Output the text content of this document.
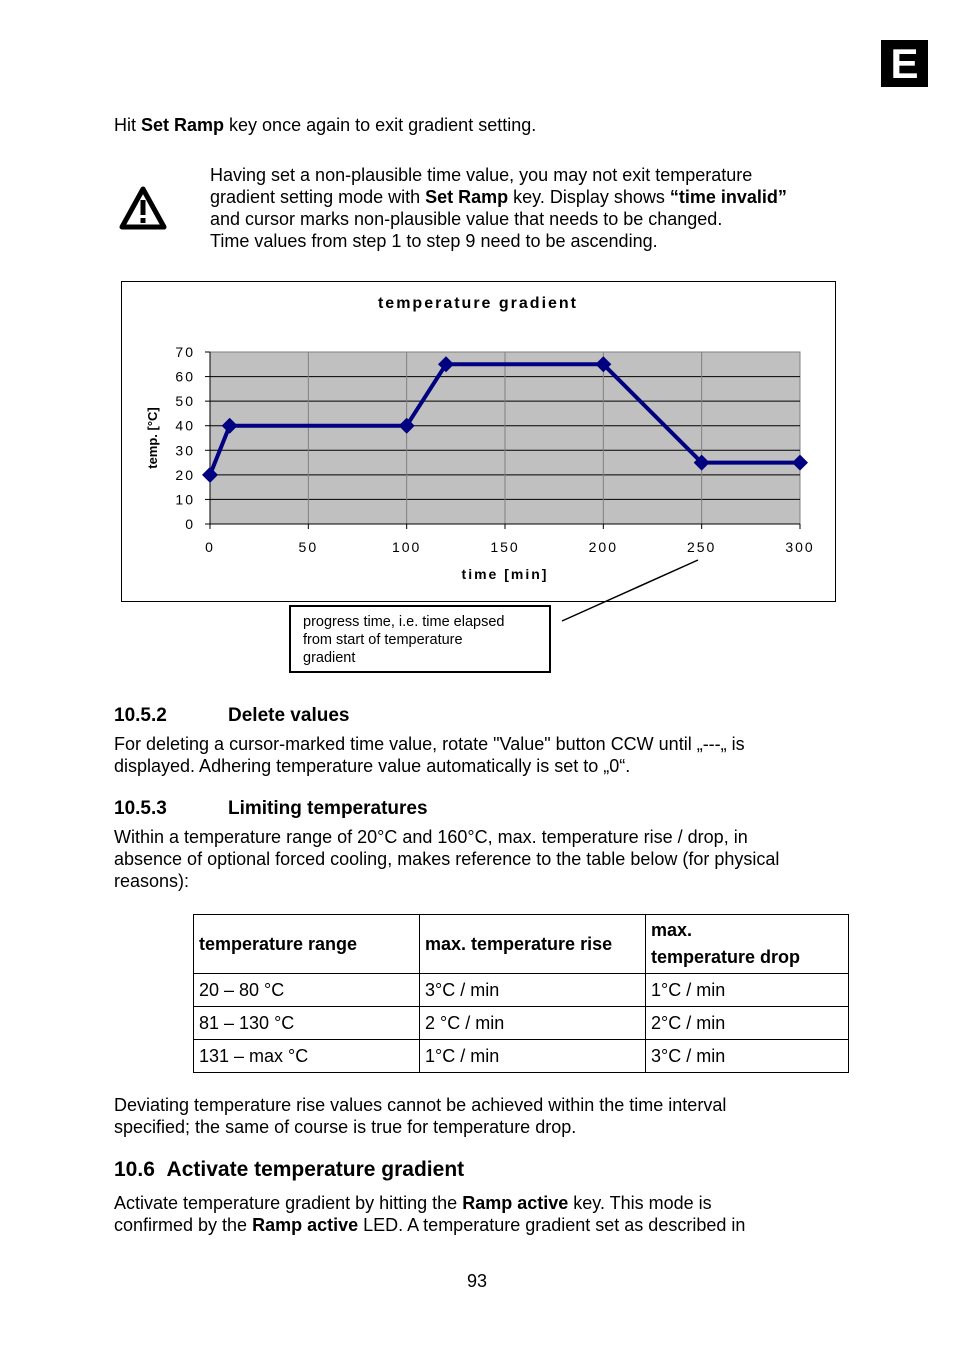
E
Hit Set Ramp key once again to exit gradient setting.
Having set a non-plausible time value, you may not exit temperature
gradient setting mode with Set Ramp key. Display shows “time invalid”
and cursor marks non-plausible value that needs to be changed.
Time values from step 1 to step 9 need to be ascending.
0
10
20
30
40
50
60
70
0	50	100	150	200	250	300
temperature gradient
time [min]
temp. [°C]
progress time, i.e. time elapsed
from start of temperature
gradient
10.5.2	Delete values
For deleting a cursor-marked time value, rotate "Value" button CCW until „---„ is
displayed. Adhering temperature value automatically is set to „0“.
10.5.3	Limiting temperatures
Within a temperature range of 20°C and 160°C, max. temperature rise / drop, in
absence of optional forced cooling, makes reference to the table below (for physical
reasons):
temperature range	max. temperature rise	max.
temperature drop

20 – 80 °C	3°C / min	1°C / min
81 – 130 °C	2 °C / min	2°C / min
131 – max °C	1°C / min	3°C / min
Deviating temperature rise values cannot be achieved within the time interval
specified; the same of course is true for temperature drop.
10.6 Activate temperature gradient
Activate temperature gradient by hitting the Ramp active key. This mode is
confirmed by the Ramp active LED. A temperature gradient set as described in
93
